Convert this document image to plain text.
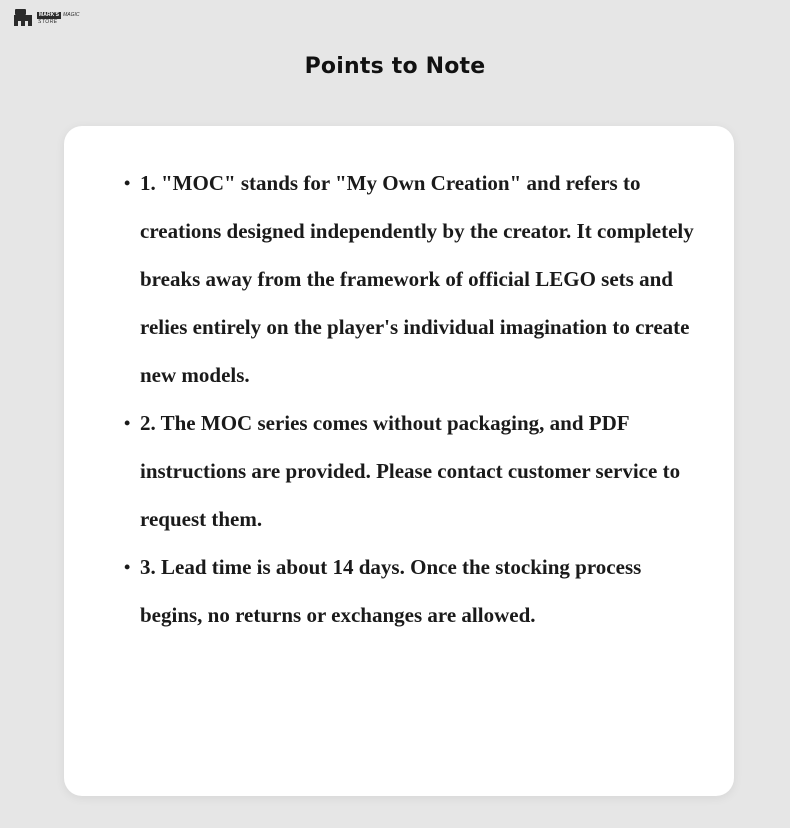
MARK'S MAGIC
STORE
Points to Note
• 1. "MOC" stands for "My Own Creation" and refers to creations designed independently by the creator. It completely breaks away from the framework of official LEGO sets and relies entirely on the player's individual imagination to create new models.
• 2. The MOC series comes without packaging, and PDF instructions are provided. Please contact customer service to request them.
• 3. Lead time is about 14 days. Once the stocking process begins, no returns or exchanges are allowed.
